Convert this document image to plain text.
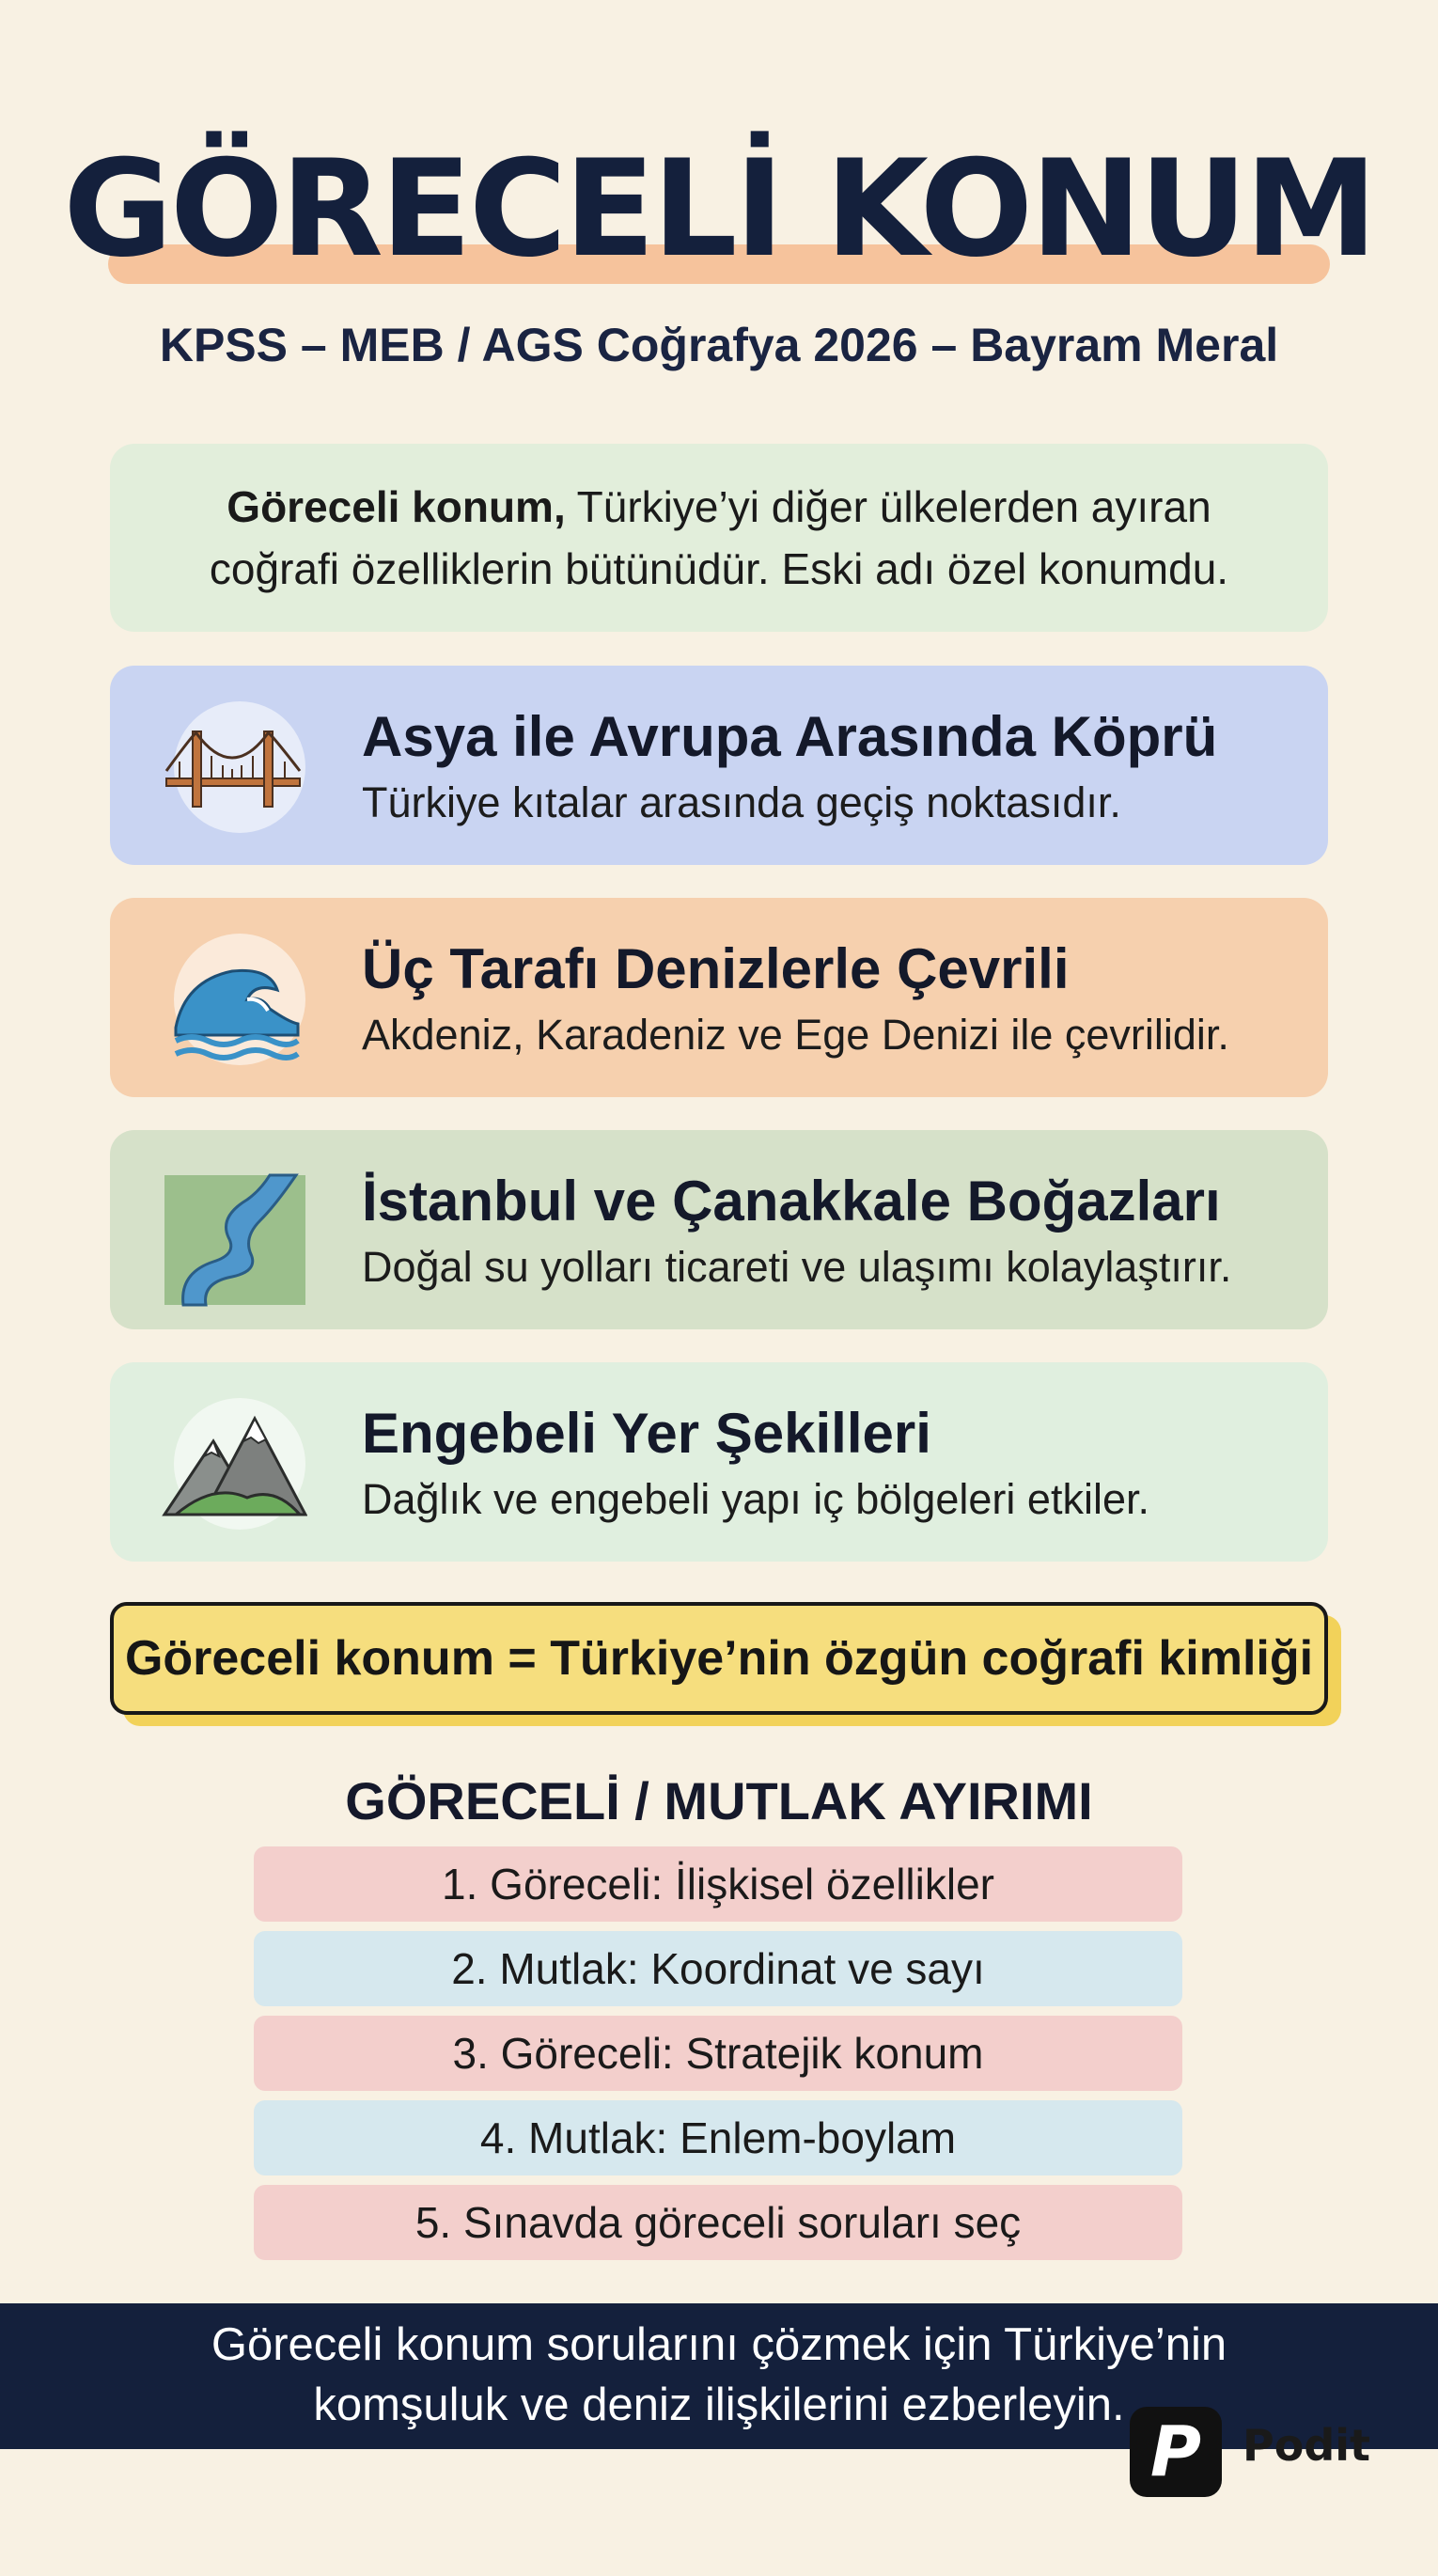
GÖRECELİ KONUM
KPSS – MEB / AGS Coğrafya 2026 – Bayram Meral
Göreceli konum, Türkiye’yi diğer ülkelerden ayıran
coğrafi özelliklerin bütünüdür. Eski adı özel konumdu.
Asya ile Avrupa Arasında Köprü
Türkiye kıtalar arasında geçiş noktasıdır.
Üç Tarafı Denizlerle Çevrili
Akdeniz, Karadeniz ve Ege Denizi ile çevrilidir.
İstanbul ve Çanakkale Boğazları
Doğal su yolları ticareti ve ulaşımı kolaylaştırır.
Engebeli Yer Şekilleri
Dağlık ve engebeli yapı iç bölgeleri etkiler.
Göreceli konum = Türkiye’nin özgün coğrafi kimliği
GÖRECELİ / MUTLAK AYIRIMI
1. Göreceli: İlişkisel özellikler
2. Mutlak: Koordinat ve sayı
3. Göreceli: Stratejik konum
4. Mutlak: Enlem-boylam
5. Sınavda göreceli soruları seç
Göreceli konum sorularını çözmek için Türkiye’nin
komşuluk ve deniz ilişkilerini ezberleyin.
P Podit
